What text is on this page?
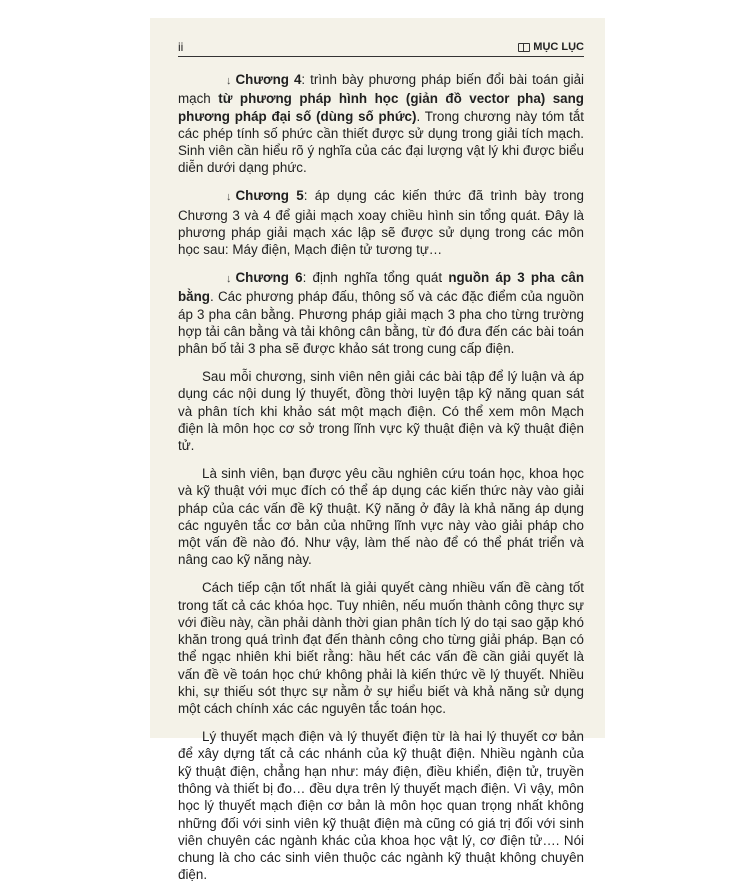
ii	MỤC LỤC

↓ Chương 4: trình bày phương pháp biến đổi bài toán giải mạch từ phương pháp hình học (giản đồ vector pha) sang phương pháp đại số (dùng số phức). Trong chương này tóm tắt các phép tính số phức cần thiết được sử dụng trong giải tích mạch. Sinh viên cần hiểu rõ ý nghĩa của các đại lượng vật lý khi được biểu diễn dưới dạng phức.

↓ Chương 5: áp dụng các kiến thức đã trình bày trong Chương 3 và 4 để giải mạch xoay chiều hình sin tổng quát. Đây là phương pháp giải mạch xác lập sẽ được sử dụng trong các môn học sau: Máy điện, Mạch điện tử tương tự…

↓ Chương 6: định nghĩa tổng quát nguồn áp 3 pha cân bằng. Các phương pháp đấu, thông số và các đặc điểm của nguồn áp 3 pha cân bằng. Phương pháp giải mạch 3 pha cho từng trường hợp tải cân bằng và tải không cân bằng, từ đó đưa đến các bài toán phân bố tải 3 pha sẽ được khảo sát trong cung cấp điện.

Sau mỗi chương, sinh viên nên giải các bài tập để lý luận và áp dụng các nội dung lý thuyết, đồng thời luyện tập kỹ năng quan sát và phân tích khi khảo sát một mạch điện. Có thể xem môn Mạch điện là môn học cơ sở trong lĩnh vực kỹ thuật điện và kỹ thuật điện tử.

Là sinh viên, bạn được yêu cầu nghiên cứu toán học, khoa học và kỹ thuật với mục đích có thể áp dụng các kiến thức này vào giải pháp của các vấn đề kỹ thuật. Kỹ năng ở đây là khả năng áp dụng các nguyên tắc cơ bản của những lĩnh vực này vào giải pháp cho một vấn đề nào đó. Như vậy, làm thế nào để có thể phát triển và nâng cao kỹ năng này.

Cách tiếp cận tốt nhất là giải quyết càng nhiều vấn đề càng tốt trong tất cả các khóa học. Tuy nhiên, nếu muốn thành công thực sự với điều này, cần phải dành thời gian phân tích lý do tại sao gặp khó khăn trong quá trình đạt đến thành công cho từng giải pháp. Bạn có thể ngạc nhiên khi biết rằng: hầu hết các vấn đề cần giải quyết là vấn đề về toán học chứ không phải là kiến thức về lý thuyết. Nhiều khi, sự thiếu sót thực sự nằm ở sự hiểu biết và khả năng sử dụng một cách chính xác các nguyên tắc toán học.

Lý thuyết mạch điện và lý thuyết điện từ là hai lý thuyết cơ bản để xây dựng tất cả các nhánh của kỹ thuật điện. Nhiều ngành của kỹ thuật điện, chẳng hạn như: máy điện, điều khiển, điện tử, truyền thông và thiết bị đo… đều dựa trên lý thuyết mạch điện. Vì vậy, môn học lý thuyết mạch điện cơ bản là môn học quan trọng nhất không những đối với sinh viên kỹ thuật điện mà cũng có giá trị đối với sinh viên chuyên các ngành khác của khoa học vật lý, cơ điện tử…. Nói chung là cho các sinh viên thuộc các ngành kỹ thuật không chuyên điện.
